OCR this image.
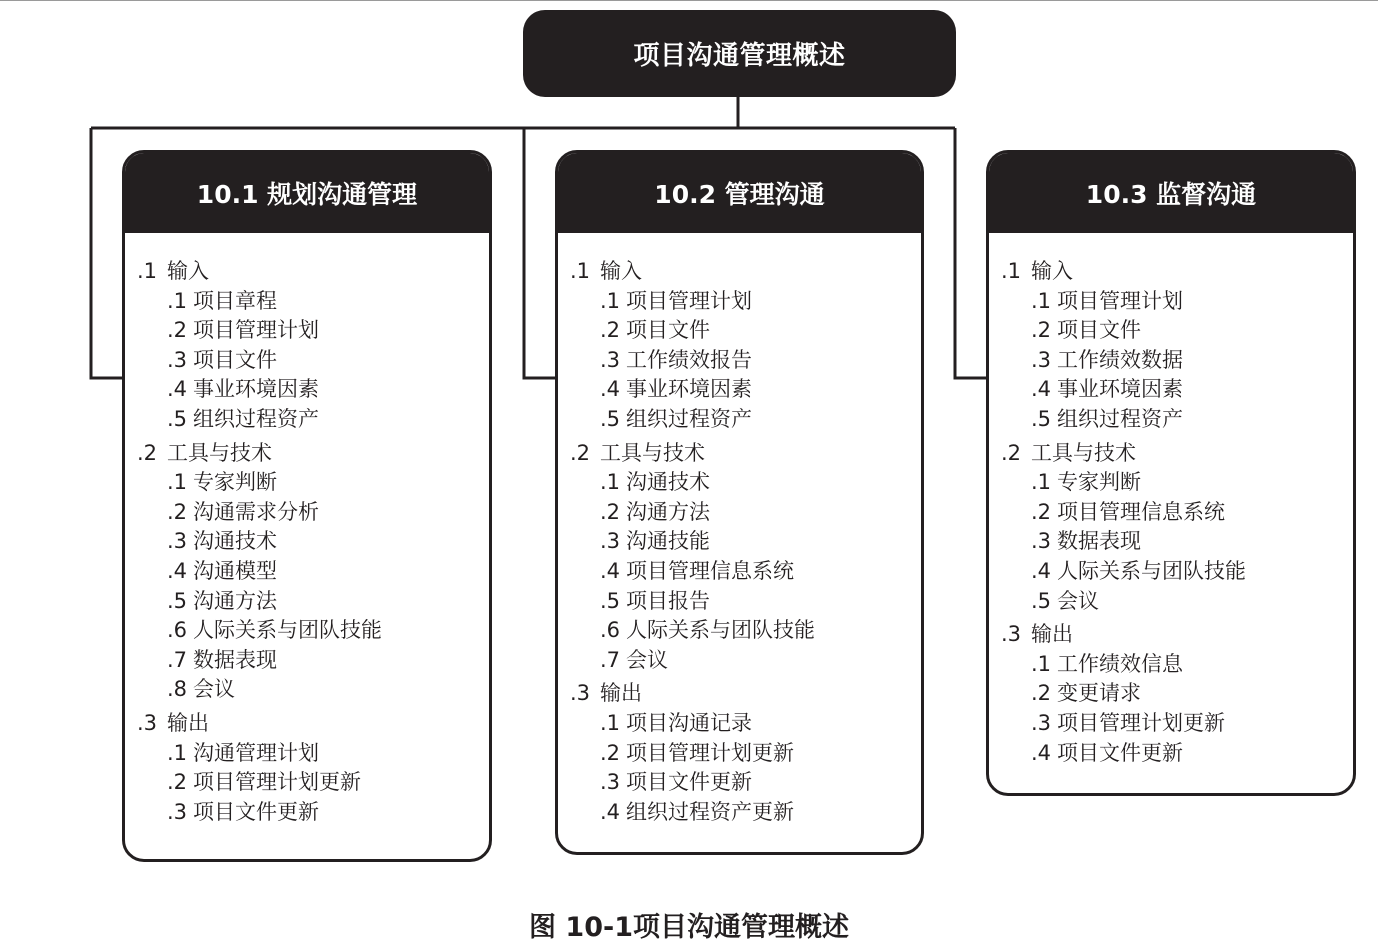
项目沟通管理概述
10.1 规划沟通管理
.1 输入
.1 项目章程
.2 项目管理计划
.3 项目文件
.4 事业环境因素
.5 组织过程资产
.2 工具与技术
.1 专家判断
.2 沟通需求分析
.3 沟通技术
.4 沟通模型
.5 沟通方法
.6 人际关系与团队技能
.7 数据表现
.8 会议
.3 输出
.1 沟通管理计划
.2 项目管理计划更新
.3 项目文件更新
10.2 管理沟通
.1 输入
.1 项目管理计划
.2 项目文件
.3 工作绩效报告
.4 事业环境因素
.5 组织过程资产
.2 工具与技术
.1 沟通技术
.2 沟通方法
.3 沟通技能
.4 项目管理信息系统
.5 项目报告
.6 人际关系与团队技能
.7 会议
.3 输出
.1 项目沟通记录
.2 项目管理计划更新
.3 项目文件更新
.4 组织过程资产更新
10.3 监督沟通
.1 输入
.1 项目管理计划
.2 项目文件
.3 工作绩效数据
.4 事业环境因素
.5 组织过程资产
.2 工具与技术
.1 专家判断
.2 项目管理信息系统
.3 数据表现
.4 人际关系与团队技能
.5 会议
.3 输出
.1 工作绩效信息
.2 变更请求
.3 项目管理计划更新
.4 项目文件更新
图 10-1项目沟通管理概述
